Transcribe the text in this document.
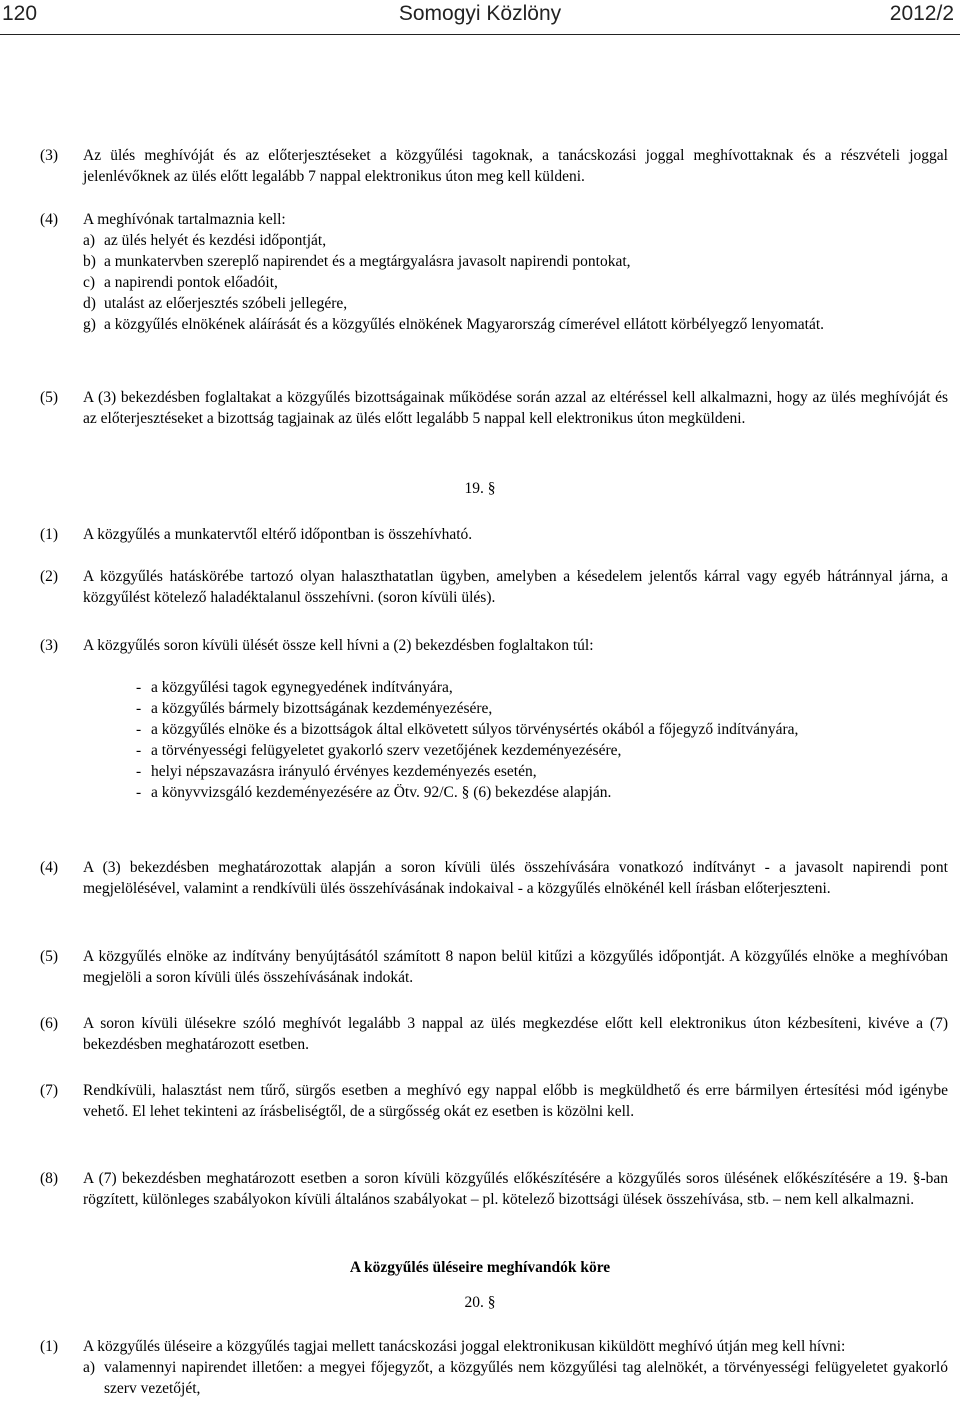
120	Somogyi Közlöny	2012/2
(3) Az ülés meghívóját és az előterjesztéseket a közgyűlési tagoknak, a tanácskozási joggal meghívottaknak és a részvételi joggal jelenlévőknek az ülés előtt legalább 7 nappal elektronikus úton meg kell küldeni.
(4) A meghívónak tartalmaznia kell:
a) az ülés helyét és kezdési időpontját,
b) a munkatervben szereplő napirendet és a megtárgyalásra javasolt napirendi pontokat,
c) a napirendi pontok előadóit,
d) utalást az előerjesztés szóbeli jellegére,
g) a közgyűlés elnökének aláírását és a közgyűlés elnökének Magyarország címerével ellátott körbélyegző lenyomatát.
(5) A (3) bekezdésben foglaltakat a közgyűlés bizottságainak működése során azzal az eltéréssel kell alkalmazni, hogy az ülés meghívóját és az előterjesztéseket a bizottság tagjainak az ülés előtt legalább 5 nappal kell elektronikus úton megküldeni.
19. §
(1) A közgyűlés a munkatervtől eltérő időpontban is összehívható.
(2) A közgyűlés hatáskörébe tartozó olyan halaszthatatlan ügyben, amelyben a késedelem jelentős kárral vagy egyéb hátránnyal járna, a közgyűlést kötelező haladéktalanul összehívni. (soron kívüli ülés).
(3) A közgyűlés soron kívüli ülését össze kell hívni a (2) bekezdésben foglaltakon túl:
- a közgyűlési tagok egynegyedének indítványára,
- a közgyűlés bármely bizottságának kezdeményezésére,
- a közgyűlés elnöke és a bizottságok által elkövetett súlyos törvénysértés okából a főjegyző indítványára,
- a törvényességi felügyeletet gyakorló szerv vezetőjének kezdeményezésére,
- helyi népszavazásra irányuló érvényes kezdeményezés esetén,
- a könyvvizsgáló kezdeményezésére az Ötv. 92/C. § (6) bekezdése alapján.
(4) A (3) bekezdésben meghatározottak alapján a soron kívüli ülés összehívására vonatkozó indítványt - a javasolt napirendi pont megjelölésével, valamint a rendkívüli ülés összehívásának indokaival - a közgyűlés elnökénél kell írásban előterjeszteni.
(5) A közgyűlés elnöke az indítvány benyújtásától számított 8 napon belül kitűzi a közgyűlés időpontját. A közgyűlés elnöke a meghívóban megjelöli a soron kívüli ülés összehívásának indokát.
(6) A soron kívüli ülésekre szóló meghívót legalább 3 nappal az ülés megkezdése előtt kell elektronikus úton kézbesíteni, kivéve a (7) bekezdésben meghatározott esetben.
(7) Rendkívüli, halasztást nem tűrő, sürgős esetben a meghívó egy nappal előbb is megküldhető és erre bármilyen értesítési mód igénybe vehető. El lehet tekinteni az írásbeliségtől, de a sürgősség okát ez esetben is közölni kell.
(8) A (7) bekezdésben meghatározott esetben a soron kívüli közgyűlés előkészítésére a közgyűlés soros ülésének előkészítésére a 19. §-ban rögzített, különleges szabályokon kívüli általános szabályokat – pl. kötelező bizottsági ülések összehívása, stb. – nem kell alkalmazni.
A közgyűlés üléseire meghívandók köre
20. §
(1) A közgyűlés üléseire a közgyűlés tagjai mellett tanácskozási joggal elektronikusan kiküldött meghívó útján meg kell hívni:
a) valamennyi napirendet illetően: a megyei főjegyzőt, a közgyűlés nem közgyűlési tag alelnökét, a törvényességi felügyeletet gyakorló szerv vezetőjét,
